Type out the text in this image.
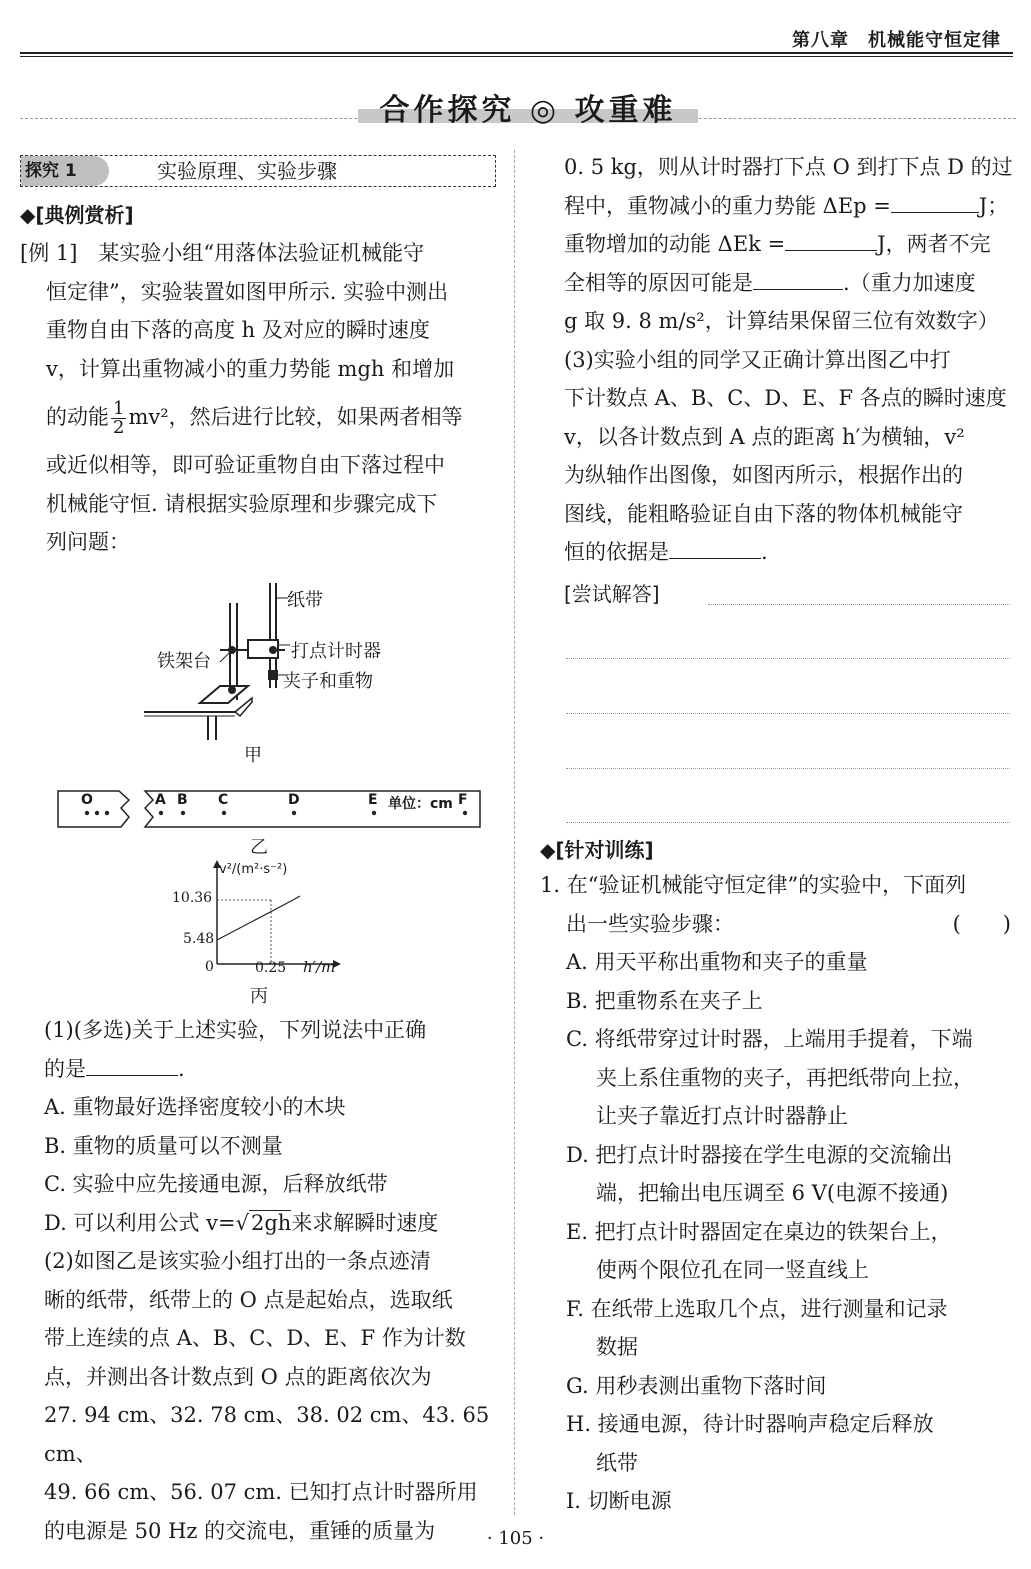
第八章　机械能守恒定律
合作探究 ◎ 攻重难
探究 1	实验原理、实验步骤
◆[典例赏析]

[例 1]　 某实验小组“用落体法验证机械能守

恒定律”，实验装置如图甲所示. 实验中测出

重物自由下落的高度 h 及对应的瞬时速度

v，计算出重物减小的重力势能 mgh 和增加

的动能 $\frac{1}{2} mv^2$，然后进行比较，如果两者相等

或近似相等，即可验证重物自由下落过程中

机械能守恒. 请根据实验原理和步骤完成下

列问题：

纸带
打点计时器
铁架台
夹子和重物
甲
O	A B C	D	E	F
单位：cm
乙
v²/(m²·s⁻²)
10.36
5.48
0	0.25 h′/m
丙

(1)(多选)关于上述实验，下列说法中正确

的是	.

A. 重物最好选择密度较小的木块

B. 重物的质量可以不测量

C. 实验中应先接通电源，后释放纸带

D. 可以利用公式 v=√2gh来求解瞬时速度

(2)如图乙是该实验小组打出的一条点迹清

晰的纸带，纸带上的 O 点是起始点，选取纸

带上连续的点 A、B、C、D、E、F 作为计数

点，并测出各计数点到 O 点的距离依次为

27. 94 cm、32. 78 cm、38. 02 cm、43. 65 cm、

49. 66 cm、56. 07 cm. 已知打点计时器所用

的电源是 50 Hz 的交流电，重锤的质量为

0. 5 kg，则从计时器打下点 O 到打下点 D 的过

程中，重物减小的重力势能 ΔEp =	J；

重物增加的动能 ΔEk =	J，两者不完

全相等的原因可能是	.（重力加速度

g 取 9. 8 m/s²，计算结果保留三位有效数字）

(3)实验小组的同学又正确计算出图乙中打

下计数点 A、B、C、D、E、F 各点的瞬时速度

v，以各计数点到 A 点的距离 h′为横轴，v²

为纵轴作出图像，如图丙所示，根据作出的

图线，能粗略验证自由下落的物体机械能守

恒的依据是	.

[尝试解答]
◆[针对训练]

1. 在“验证机械能守恒定律”的实验中，下面列

出一些实验步骤：	(　　)

A. 用天平称出重物和夹子的重量

B. 把重物系在夹子上

C. 将纸带穿过计时器，上端用手提着，下端

夹上系住重物的夹子，再把纸带向上拉，

让夹子靠近打点计时器静止

D. 把打点计时器接在学生电源的交流输出

端，把输出电压调至 6 V(电源不接通)

E. 把打点计时器固定在桌边的铁架台上，

使两个限位孔在同一竖直线上

F. 在纸带上选取几个点，进行测量和记录

数据

G. 用秒表测出重物下落时间

H. 接通电源，待计时器响声稳定后释放

纸带

I. 切断电源

· 105 ·
